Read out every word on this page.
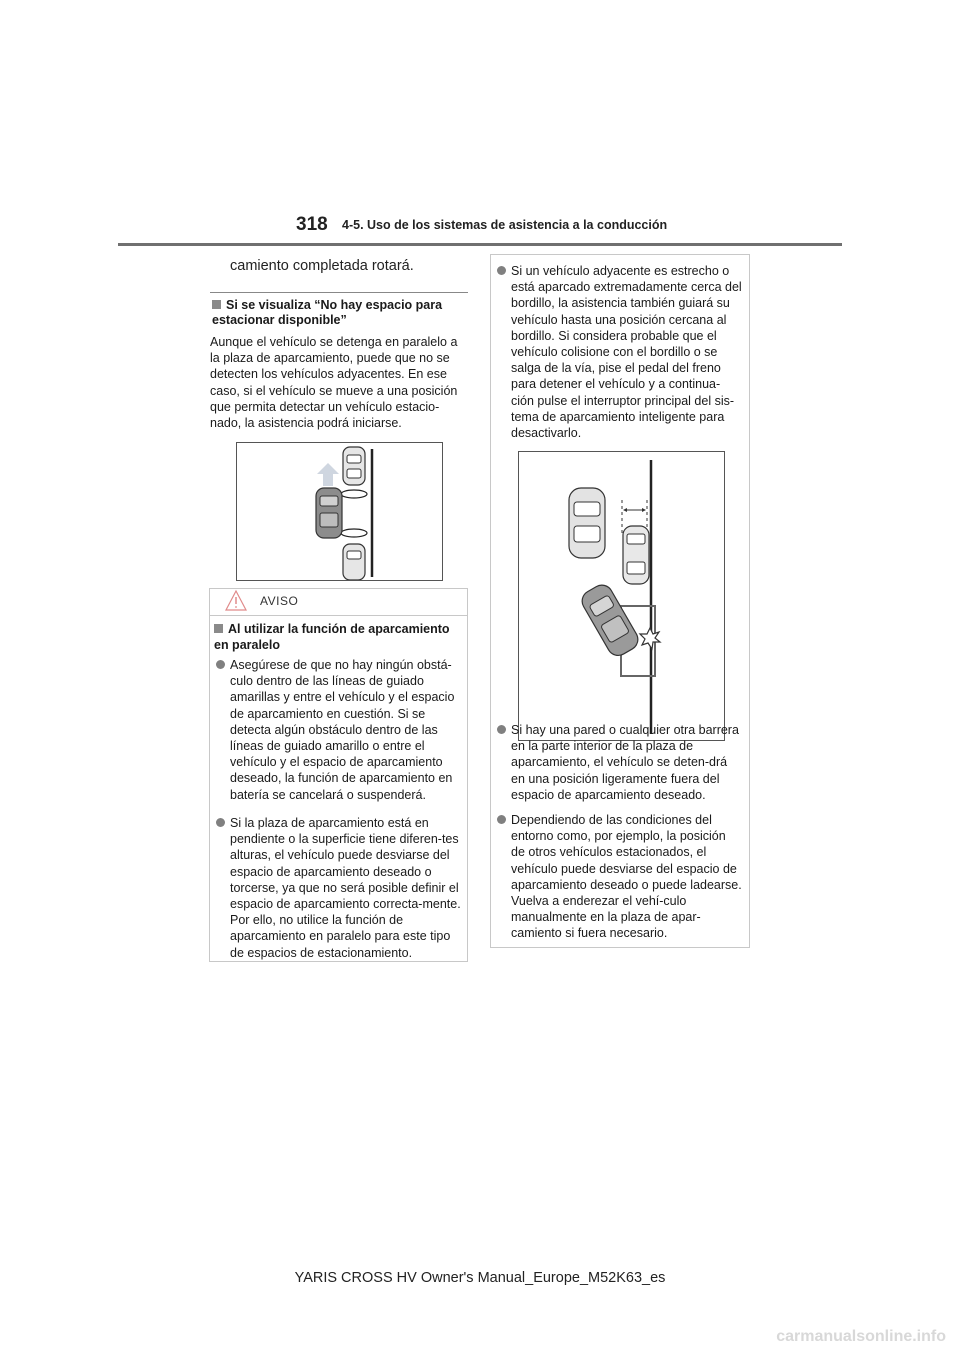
318 4-5. Uso de los sistemas de asistencia a la conducción
camiento completada rotará.
Si se visualiza “No hay espacio para estacionar disponible”
Aunque el vehículo se detenga en paralelo a la plaza de aparcamiento, puede que no se detecten los vehículos adyacentes. En ese caso, si el vehículo se mueve a una posición que permita detectar un vehículo estacio-nado, la asistencia podrá iniciarse.
AVISO
Al utilizar la función de aparcamiento en paralelo
Asegúrese de que no hay ningún obstá-culo dentro de las líneas de guiado amarillas y entre el vehículo y el espacio de aparcamiento en cuestión. Si se detecta algún obstáculo dentro de las líneas de guiado amarillo o entre el vehículo y el espacio de aparcamiento deseado, la función de aparcamiento en batería se cancelará o suspenderá.
Si la plaza de aparcamiento está en pendiente o la superficie tiene diferen-tes alturas, el vehículo puede desviarse del espacio de aparcamiento deseado o torcerse, ya que no será posible definir el espacio de aparcamiento correcta-mente. Por ello, no utilice la función de aparcamiento en paralelo para este tipo de espacios de estacionamiento.
Si un vehículo adyacente es estrecho o está aparcado extremadamente cerca del bordillo, la asistencia también guiará su vehículo hasta una posición cercana al bordillo. Si considera probable que el vehículo colisione con el bordillo o se salga de la vía, pise el pedal del freno para detener el vehículo y a continua-ción pulse el interruptor principal del sis-tema de aparcamiento inteligente para desactivarlo.
Si hay una pared o cualquier otra barrera en la parte interior de la plaza de aparcamiento, el vehículo se deten-drá en una posición ligeramente fuera del espacio de aparcamiento deseado.
Dependiendo de las condiciones del entorno como, por ejemplo, la posición de otros vehículos estacionados, el vehículo puede desviarse del espacio de aparcamiento deseado o puede ladearse. Vuelva a enderezar el vehí-culo manualmente en la plaza de apar-camiento si fuera necesario.
YARIS CROSS HV Owner's Manual_Europe_M52K63_es
carmanualsonline.info
